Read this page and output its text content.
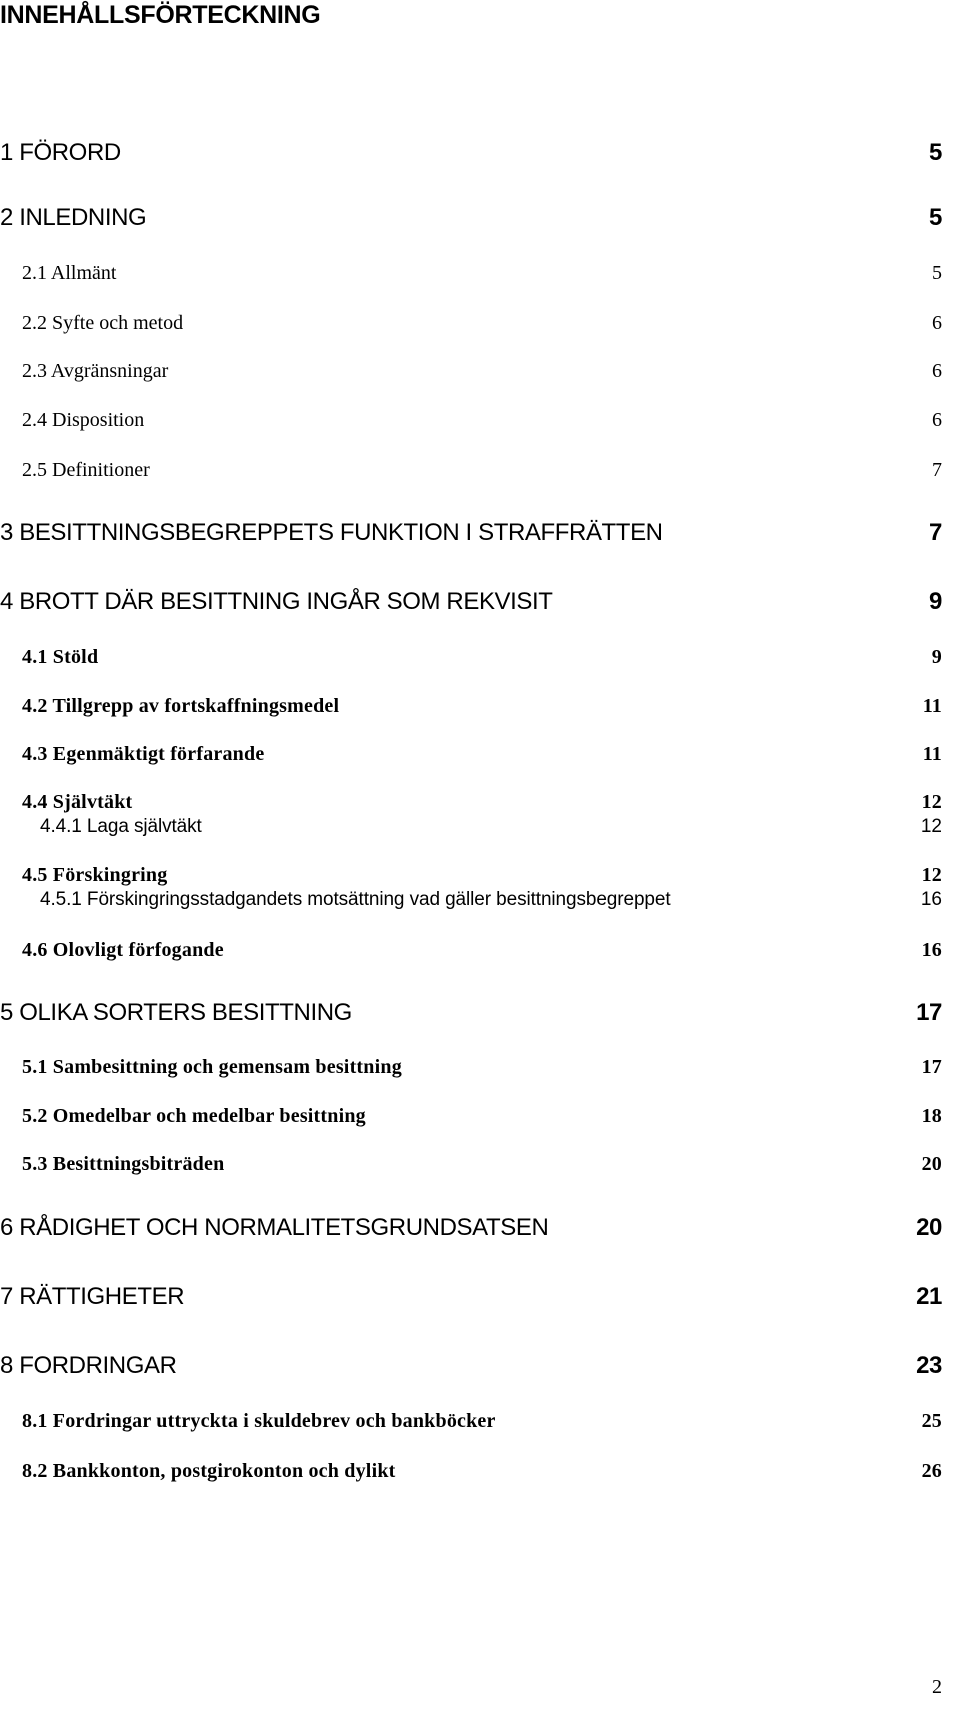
INNEHÅLLSFÖRTECKNING
1 FÖRORD	5
2 INLEDNING	5
2.1 Allmänt	5
2.2 Syfte och metod	6
2.3 Avgränsningar	6
2.4 Disposition	6
2.5 Definitioner	7
3 BESITTNINGSBEGREPPETS FUNKTION I STRAFFRÄTTEN	7
4 BROTT DÄR BESITTNING INGÅR SOM REKVISIT	9
4.1 Stöld	9
4.2 Tillgrepp av fortskaffningsmedel	11
4.3 Egenmäktigt förfarande	11
4.4 Självtäkt	12
4.4.1 Laga självtäkt	12
4.5 Förskingring	12
4.5.1 Förskingringsstadgandets motsättning vad gäller besittningsbegreppet	16
4.6 Olovligt förfogande	16
5 OLIKA SORTERS BESITTNING	17
5.1 Sambesittning och gemensam besittning	17
5.2 Omedelbar och medelbar besittning	18
5.3 Besittningsbiträden	20
6 RÅDIGHET OCH NORMALITETSGRUNDSATSEN	20
7 RÄTTIGHETER	21
8 FORDRINGAR	23
8.1 Fordringar uttryckta i skuldebrev och bankböcker	25
8.2 Bankkonton, postgirokonton och dylikt	26
2
